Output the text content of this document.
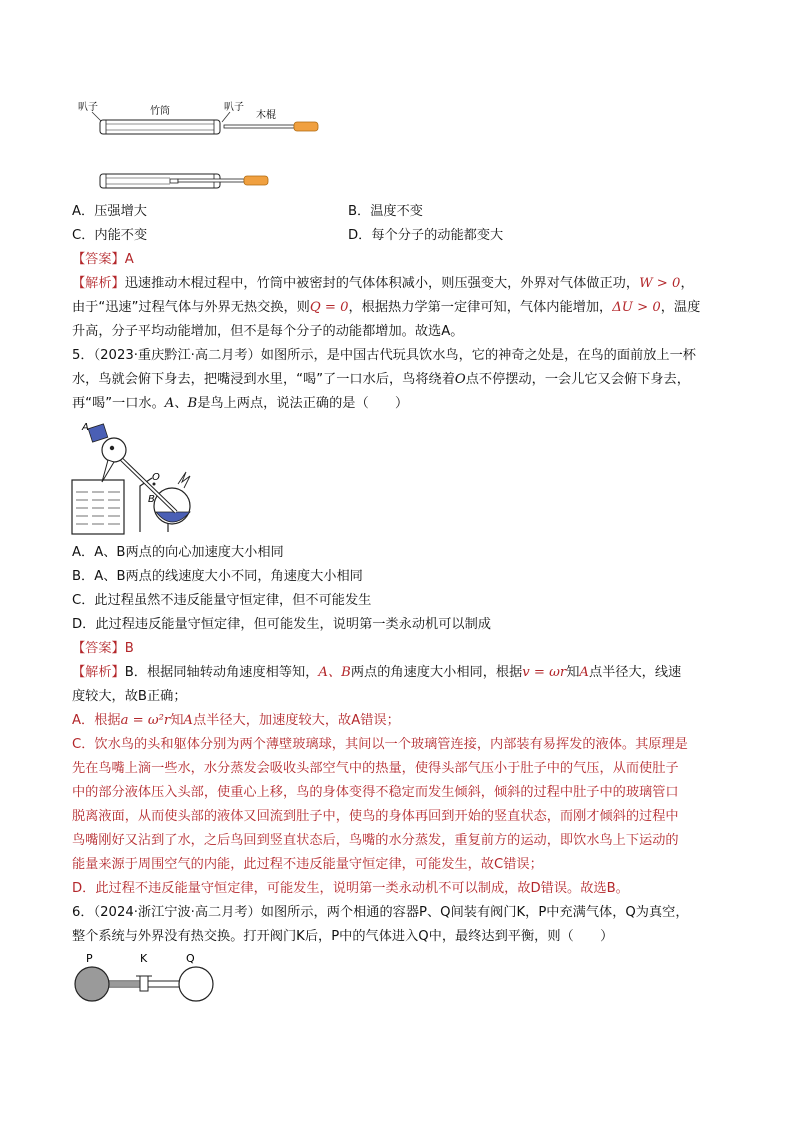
叭子	竹筒	叭子
木棍
A．压强增大	B．温度不变
C．内能不变	D．每个分子的动能都变大
【答案】A
【解析】迅速推动木棍过程中，竹筒中被密封的气体体积减小，则压强变大，外界对气体做正功，W > 0，
由于“迅速”过程气体与外界无热交换，则Q = 0，根据热力学第一定律可知，气体内能增加，ΔU > 0，温度
升高，分子平均动能增加，但不是每个分子的动能都增加。故选A。
5．（2023·重庆黔江·高二月考）如图所示，是中国古代玩具饮水鸟，它的神奇之处是，在鸟的面前放上一杯
水，鸟就会俯下身去，把嘴浸到水里，“喝”了一口水后，鸟将绕着O点不停摆动，一会儿它又会俯下身去，
再“喝”一口水。A、B是鸟上两点，说法正确的是（　　）
A
O
B
A．A、B两点的向心加速度大小相同
B．A、B两点的线速度大小不同，角速度大小相同
C．此过程虽然不违反能量守恒定律，但不可能发生
D．此过程违反能量守恒定律，但可能发生，说明第一类永动机可以制成
【答案】B
【解析】B．根据同轴转动角速度相等知，A、B两点的角速度大小相同，根据v = ωr知A点半径大，线速
度较大，故B正确；
A．根据a = ω²r知A点半径大，加速度较大，故A错误；
C．饮水鸟的头和躯体分别为两个薄壁玻璃球，其间以一个玻璃管连接，内部装有易挥发的液体。其原理是
先在鸟嘴上滴一些水，水分蒸发会吸收头部空气中的热量，使得头部气压小于肚子中的气压，从而使肚子
中的部分液体压入头部，使重心上移，鸟的身体变得不稳定而发生倾斜，倾斜的过程中肚子中的玻璃管口
脱离液面，从而使头部的液体又回流到肚子中，使鸟的身体再回到开始的竖直状态，而刚才倾斜的过程中
鸟嘴刚好又沾到了水，之后鸟回到竖直状态后，鸟嘴的水分蒸发，重复前方的运动，即饮水鸟上下运动的
能量来源于周围空气的内能，此过程不违反能量守恒定律，可能发生，故C错误；
D．此过程不违反能量守恒定律，可能发生，说明第一类永动机不可以制成，故D错误。故选B。
6．（2024·浙江宁波·高二月考）如图所示，两个相通的容器P、Q间装有阀门K，P中充满气体，Q为真空，
整个系统与外界没有热交换。打开阀门K后，P中的气体进入Q中，最终达到平衡，则（　　）
P	K	Q
